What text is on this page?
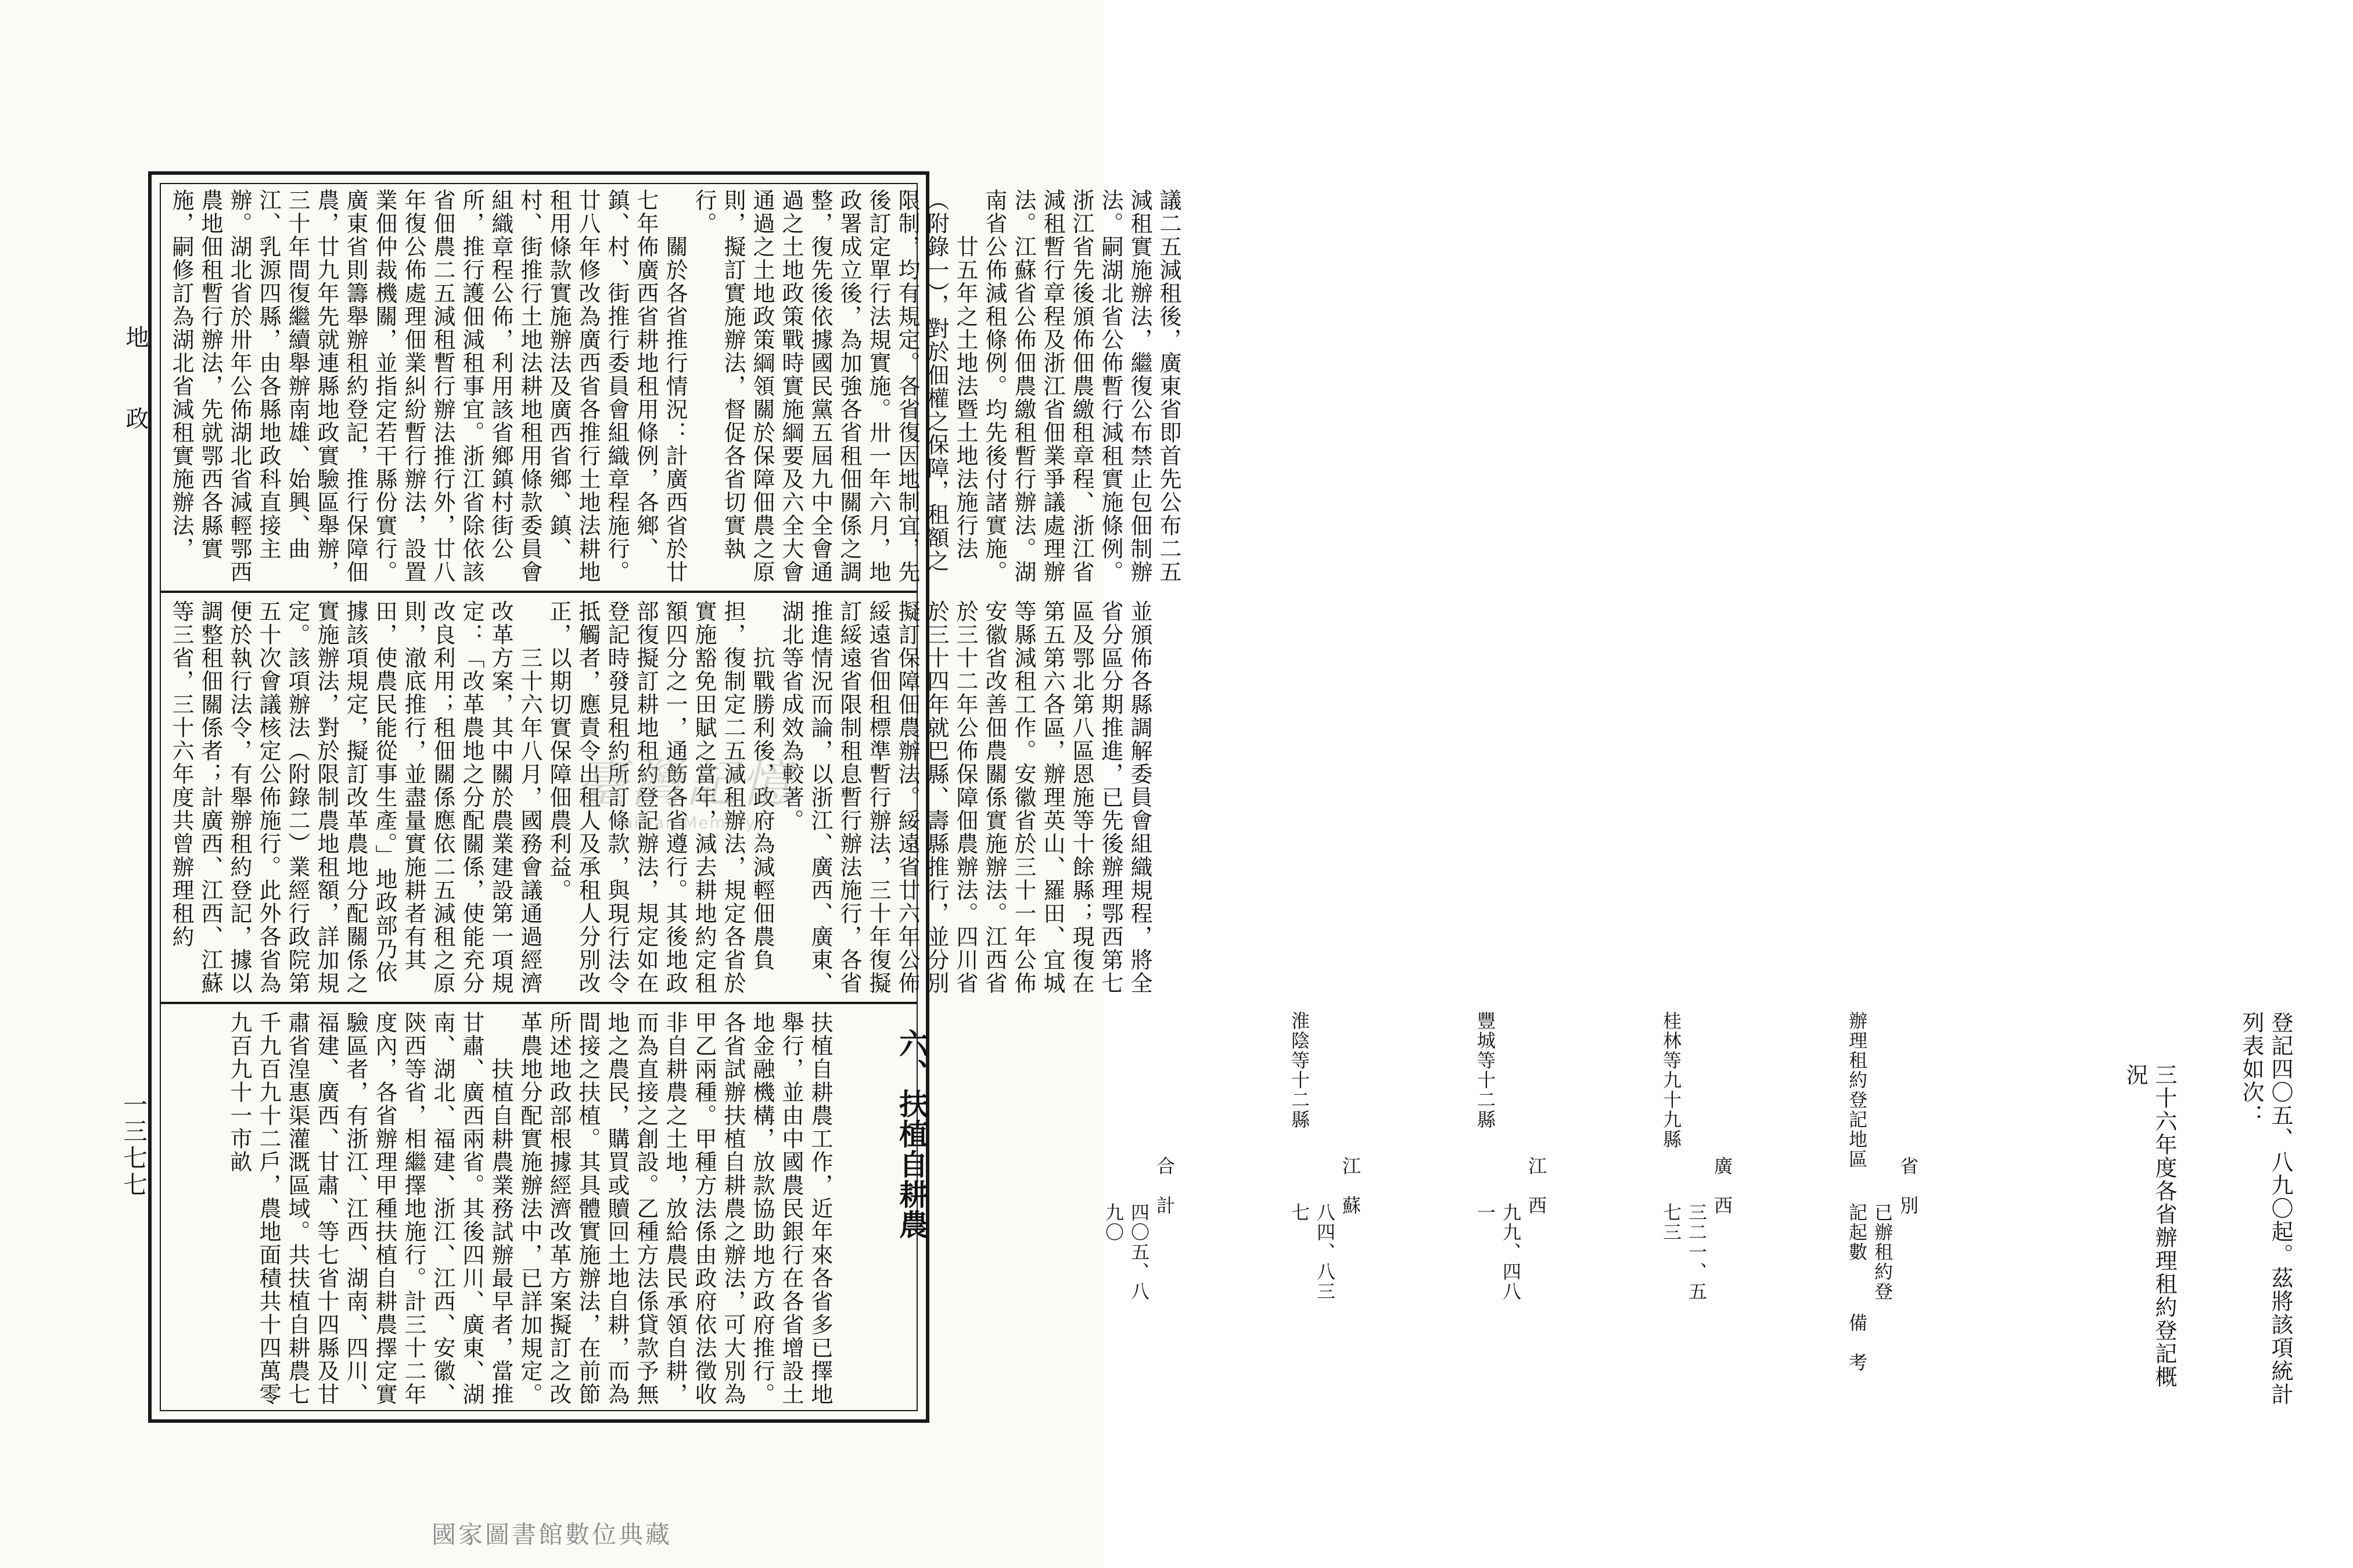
地　政
一三七七
議二五減租後，廣東省即首先公布二五減租實施辦法，繼復公布禁止包佃制辦法。嗣湖北省公佈暫行減租實施條例。浙江省先後頒佈佃農繳租章程、浙江省減租暫行章程及浙江省佃業爭議處理辦法。江蘇省公佈佃農繳租暫行辦法。湖南省公佈減租條例。均先後付諸實施。
　　廿五年之土地法暨土地法施行法（附錄一），對於佃權之保障，租額之限制，均有規定。各省復因地制宜，先後訂定單行法規實施。卅一年六月，地政署成立後，為加強各省租佃關係之調整，復先後依據國民黨五屆九中全會通過之土地政策戰時實施綱要及六全大會通過之土地政策綱領關於保障佃農之原則，擬訂實施辦法，督促各省切實執行。
　　關於各省推行情況：計廣西省於廿七年佈廣西省耕地租用條例，各鄉、鎮、村、街推行委員會組織章程施行。廿八年修改為廣西省各推行土地法耕地租用條款實施辦法及廣西省鄉、鎮、村、街推行土地法耕地租用條款委員會組織章程公佈，利用該省鄉鎮村街公所，推行護佃減租事宜。浙江省除依該省佃農二五減租暫行辦法推行外，廿八年復公佈處理佃業糾紛暫行辦法，設置業佃仲裁機關，並指定若干縣份實行。廣東省則籌舉辦租約登記，推行保障佃農，廿九年先就連縣地政實驗區舉辦，三十年間復繼續舉辦南雄、始興、曲江、乳源四縣，由各縣地政科直接主辦。湖北省於卅年公佈湖北省減輕鄂西農地佃租暫行辦法，先就鄂西各縣實施，嗣修訂為湖北省減租實施辦法，
並頒佈各縣調解委員會組織規程，將全省分區分期推進，已先後辦理鄂西第七區及鄂北第八區恩施等十餘縣；現復在第五第六各區，辦理英山、羅田、宜城等縣減租工作。安徽省於三十一年公佈安徽省改善佃農關係實施辦法。江西省於三十二年公佈保障佃農辦法。四川省於三十四年就巴縣、壽縣推行，並分別擬訂保障佃農辦法。綏遠省廿六年公佈綏遠省佃租標準暫行辦法，三十年復擬訂綏遠省限制租息暫行辦法施行，各省推進情況而論，以浙江、廣西、廣東、湖北等省成效為較著。
　　抗戰勝利後，政府為減輕佃農負担，復制定二五減租辦法，規定各省於實施豁免田賦之當年，減去耕地約定租額四分之一，通飭各省遵行。其後地政部復擬訂耕地租約登記辦法，規定如在登記時發見租約所訂條款，與現行法令抵觸者，應責令出租人及承租人分別改正，以期切實保障佃農利益。
　　三十六年八月，國務會議通過經濟改革方案，其中關於農業建設第一項規定：「改革農地之分配關係，使能充分改良利用；租佃關係應依二五減租之原則，澈底推行，並盡量實施耕者有其田，使農民能從事生產。」地政部乃依據該項規定，擬訂改革農地分配關係之實施辦法，對於限制農地租額，詳加規定。該項辦法（附錄二）業經行政院第五十次會議核定公佈施行。此外各省為便於執行法令，有舉辦租約登記，據以調整租佃關係者；計廣西、江西、江蘇等三省，三十六年度共曾辦理租約

登記四〇五、八九〇起。茲將該項統計列表如次：

三十六年度各省辦理租約登記概況

省　別辦理租約登記地區已辦租約登記起數備　考

廣　西桂林等九十九縣三二一、五七三

江　西豐城等十二縣九九、四八一

江　蘇淮陰等十二縣八四、八三七

合　計四〇五、八九〇

六、扶植自耕農

扶植自耕農工作，近年來各省多已擇地舉行，並由中國農民銀行在各省增設土地金融機構，放款協助地方政府推行。各省試辦扶植自耕農之辦法，可大別為甲乙兩種。甲種方法係由政府依法徵收非自耕農之土地，放給農民承領自耕，而為直接之創設。乙種方法係貸款予無地之農民，購買或贖回土地自耕，而為間接之扶植。其具體實施辦法，在前節所述地政部根據經濟改革方案擬訂之改革農地分配實施辦法中，已詳加規定。
　　扶植自耕農業務試辦最早者，當推甘肅、廣西兩省。其後四川、廣東、湖南、湖北、福建、浙江、江西、安徽、陝西等省，相繼擇地施行。計三十二年度內，各省辦理甲種扶植自耕農擇定實驗區者，有浙江、江西、湖南、四川、福建、廣西、甘肅、等七省十四縣及甘肅省湟惠渠灌溉區域。共扶植自耕農七千九百九十二戶，農地面積共十四萬零九百九十一市畝

臺灣記憶
Taiwan Memory
國家圖書館數位典藏
